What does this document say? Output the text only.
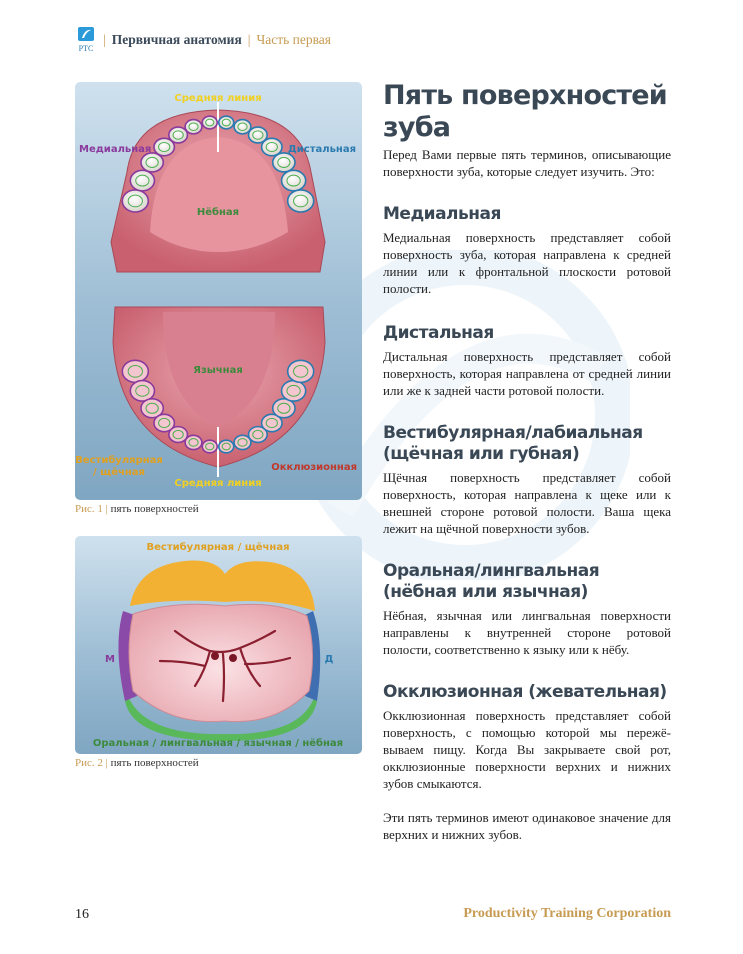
PTC
| Первичная анатомия | Часть первая
Средняя линия
Медиальная	Дистальная
Нёбная
Язычная
Вестибулярная
/ щёчная	Окклюзионная
Средняя линия
Рис. 1 | пять поверхностей
Вестибулярная / щёчная
М	Д
Оральная / лингвальная / язычная / нёбная
Рис. 2 | пять поверхностей
Пять поверхностей
зуба

Перед Вами первые пять терминов, описывающие поверхности зуба, которые следует изучить. Это:

Медиальная

Медиальная поверхность представляет собой поверхность зуба, которая направлена к средней линии или к фронтальной плоскости ротовой полости.

Дистальная

Дистальная поверхность представляет собой поверхность, которая направлена от средней линии или же к задней части ротовой полости.

Вестибулярная/лабиальная (щёчная или губная)

Щёчная поверхность представляет собой поверхность, которая направлена к щеке или к внешней стороне ротовой полости. Ваша щека лежит на щёчной поверхности зубов.

Оральная/лингвальная (нёбная или язычная)

Нёбная, язычная или лингвальная поверхности направлены к внутренней стороне ротовой полости, соответственно к языку или к нёбу.

Окклюзионная (жевательная)

Окклюзионная поверхность представляет собой поверхность, с помощью которой мы пережёвываем пищу. Когда Вы закрываете свой рот, окклюзионные поверхности верхних и нижних зубов смыкаются.

Эти пять терминов имеют одинаковое значение для верхних и нижних зубов.

16	Productivity Training Corporation
